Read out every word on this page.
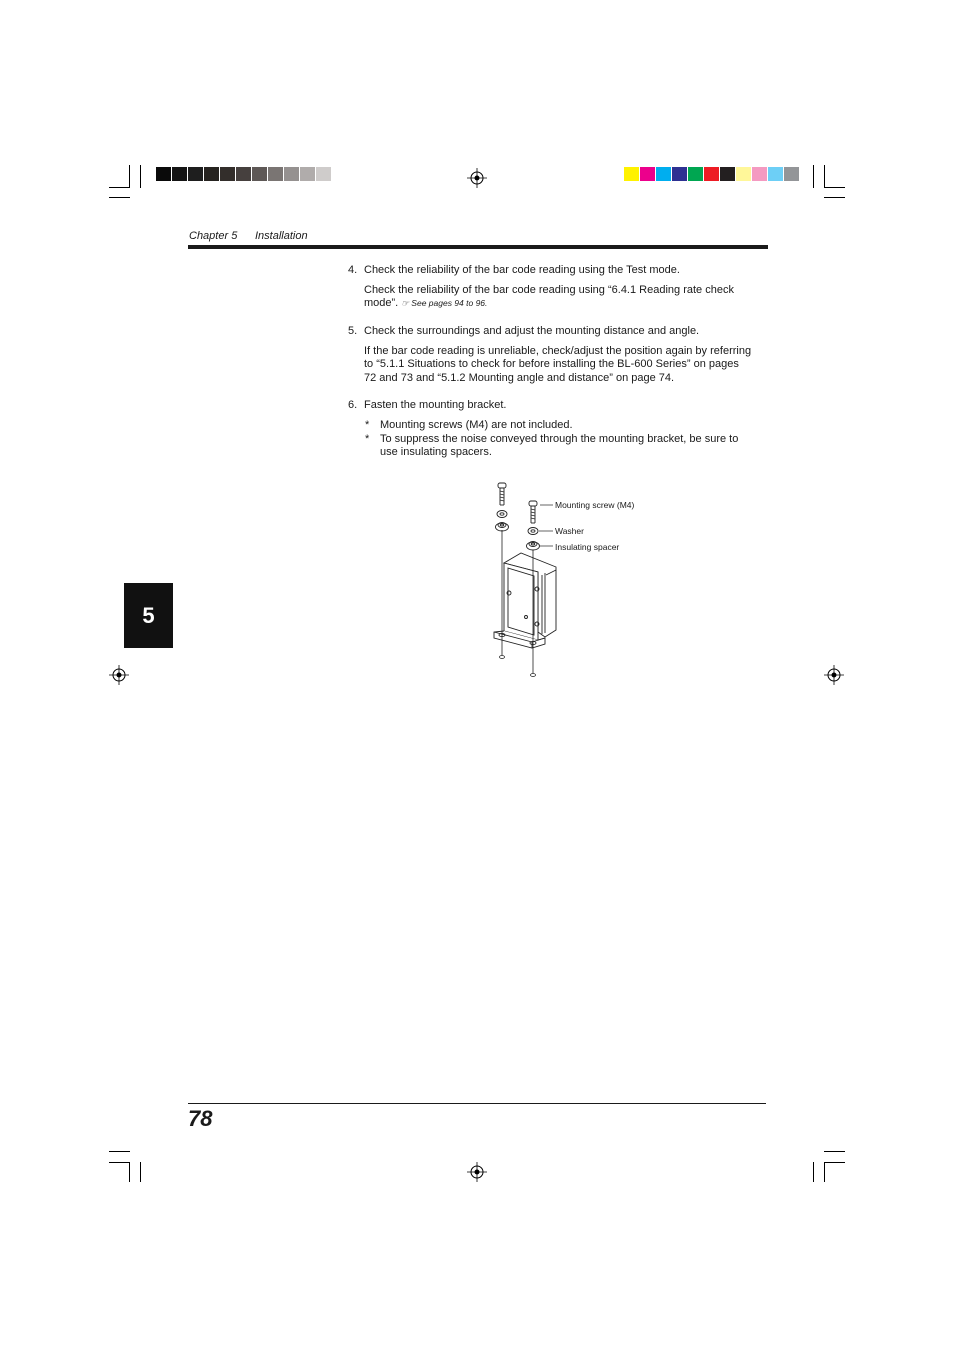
Chapter 5 Installation
4. Check the reliability of the bar code reading using the Test mode.
Check the reliability of the bar code reading using “6.4.1 Reading rate check
mode”. ☞ See pages 94 to 96.
5. Check the surroundings and adjust the mounting distance and angle.
If the bar code reading is unreliable, check/adjust the position again by referring
to “5.1.1 Situations to check for before installing the BL-600 Series” on pages
72 and 73 and “5.1.2 Mounting angle and distance” on page 74.
6. Fasten the mounting bracket.
* Mounting screws (M4) are not included.
* To suppress the noise conveyed through the mounting bracket, be sure to
use insulating spacers.
Mounting screw (M4)
Washer
Insulating spacer
5
78
